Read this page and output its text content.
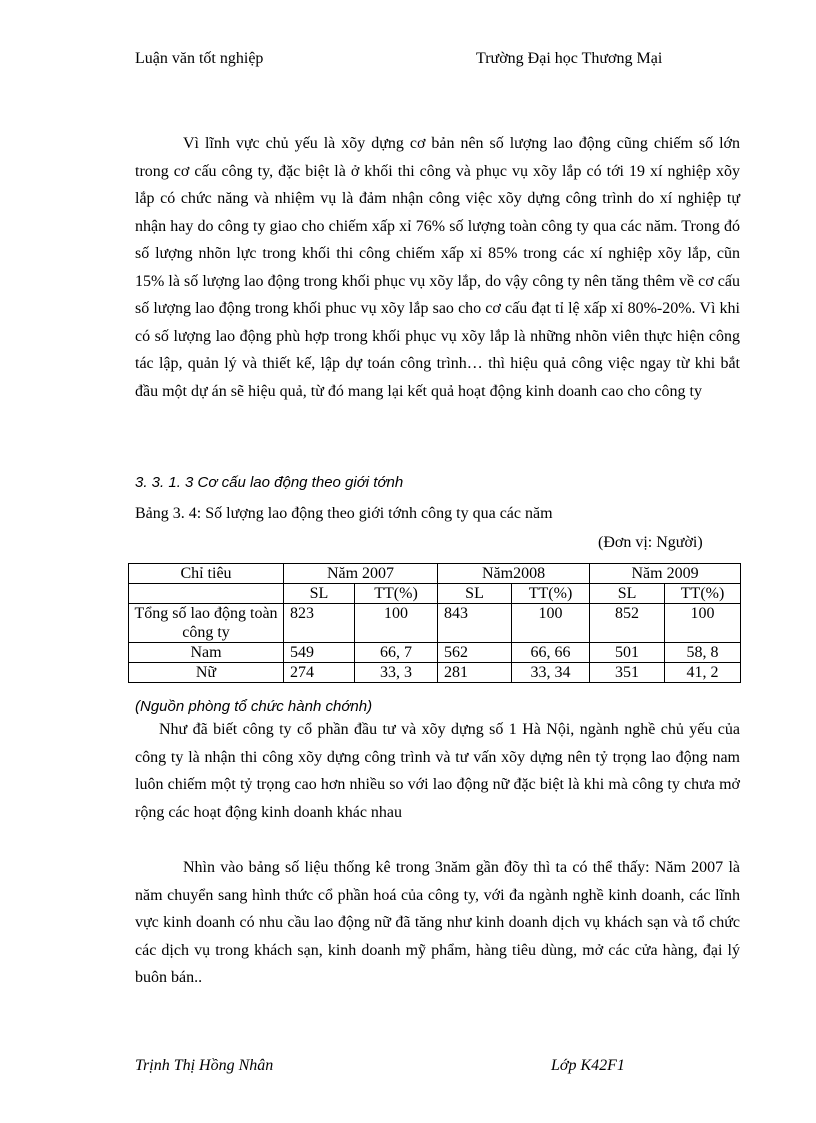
Luận văn tốt nghiệp	Trường Đại học Thương Mại

Vì lĩnh vực chủ yếu là xõy dựng cơ bản nên số lượng lao động cũng chiếm số lớn trong cơ cấu công ty, đặc biệt là ở khối thi công và phục vụ xõy lắp có tới 19 xí nghiệp xõy lắp có chức năng và nhiệm vụ là đảm nhận công việc xõy dựng công trình do xí nghiệp tự nhận hay do công ty giao cho chiếm xấp xỉ 76% số lượng toàn công ty qua các năm. Trong đó số lượng nhõn lực trong khối thi công chiếm xấp xỉ 85% trong các xí nghiệp xõy lắp, cũn 15% là số lượng lao động trong khối phục vụ xõy lắp, do vậy công ty nên tăng thêm về cơ cấu số lượng lao động trong khối phuc vụ xõy lắp sao cho cơ cấu đạt tỉ lệ xấp xỉ 80%-20%. Vì khi có số lượng lao động phù hợp trong khối phục vụ xõy lắp là những nhõn viên thực hiện công tác lập, quản lý và thiết kế, lập dự toán công trình… thì hiệu quả công việc ngay từ khi bắt đầu một dự án sẽ hiệu quả, từ đó mang lại kết quả hoạt động kinh doanh cao cho công ty

3. 3. 1. 3 Cơ cấu lao động theo giới tớnh
Bảng 3. 4: Số lượng lao động theo giới tớnh công ty qua các năm
(Đơn vị: Người)
Chỉ tiêu	Năm 2007		Năm2008		Năm 2009	
	SL	TT(%)	SL	TT(%)	SL	TT(%)
Tổng số lao động toàn công ty	823	100	843	100	852	100
Nam	549	66, 7	562	66, 66	501	58, 8
Nữ	274	33, 3	281	33, 34	351	41, 2
(Nguồn phòng tổ chức hành chớnh)

Như đã biết công ty cổ phần đầu tư và xõy dựng số 1 Hà Nội, ngành nghề chủ yếu của công ty là nhận thi công xõy dựng công trình và tư vấn xõy dựng nên tỷ trọng lao động nam luôn chiếm một tỷ trọng cao hơn nhiều so với lao động nữ đặc biệt là khi mà công ty chưa mở rộng các hoạt động kinh doanh khác nhau

Nhìn vào bảng số liệu thống kê trong 3năm gần đõy thì ta có thể thấy: Năm 2007 là năm chuyển sang hình thức cổ phần hoá của công ty, với đa ngành nghề kinh doanh, các lĩnh vực kinh doanh có nhu cầu lao động nữ đã tăng như kinh doanh dịch vụ khách sạn và tổ chức các dịch vụ trong khách sạn, kinh doanh mỹ phẩm, hàng tiêu dùng, mở các cửa hàng, đại lý buôn bán..

Trịnh Thị Hồng Nhân	Lớp K42F1
